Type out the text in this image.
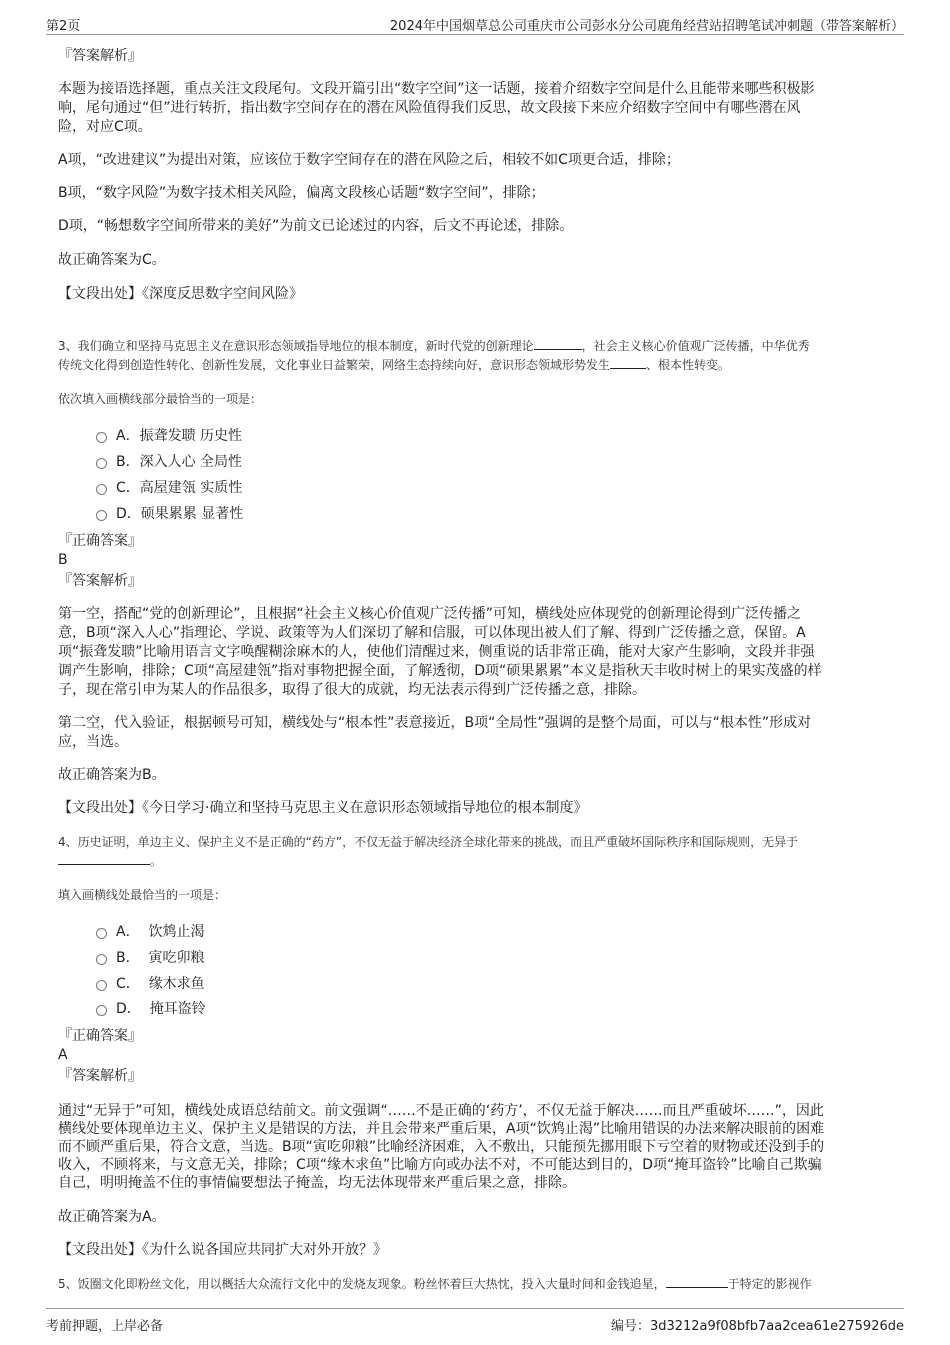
第2页	2024年中国烟草总公司重庆市公司彭水分公司鹿角经营站招聘笔试冲刺题（带答案解析）
『答案解析』
本题为接语选择题，重点关注文段尾句。文段开篇引出“数字空间”这一话题，接着介绍数字空间是什么且能带来哪些积极影
响，尾句通过“但”进行转折，指出数字空间存在的潜在风险值得我们反思，故文段接下来应介绍数字空间中有哪些潜在风
险，对应C项。
A项，“改进建议”为提出对策，应该位于数字空间存在的潜在风险之后，相较不如C项更合适，排除；
B项，“数字风险”为数字技术相关风险，偏离文段核心话题“数字空间”，排除；
D项，“畅想数字空间所带来的美好”为前文已论述过的内容，后文不再论述，排除。
故正确答案为C。
【文段出处】《深度反思数字空间风险》
3、我们确立和坚持马克思主义在意识形态领域指导地位的根本制度，新时代党的创新理论	，社会主义核心价值观广泛传播，中华优秀
传统文化得到创造性转化、创新性发展，文化事业日益繁荣，网络生态持续向好，意识形态领域形势发生	、根本性转变。
依次填入画横线部分最恰当的一项是：
A．振聋发聩 历史性
B．深入人心 全局性
C．高屋建瓴 实质性
D．硕果累累 显著性
『正确答案』
B
『答案解析』
第一空，搭配“党的创新理论”，且根据“社会主义核心价值观广泛传播”可知，横线处应体现党的创新理论得到广泛传播之
意，B项“深入人心”指理论、学说、政策等为人们深切了解和信服，可以体现出被人们了解、得到广泛传播之意，保留。A
项“振聋发聩”比喻用语言文字唤醒糊涂麻木的人，使他们清醒过来，侧重说的话非常正确，能对大家产生影响，文段并非强
调产生影响，排除；C项“高屋建瓴”指对事物把握全面，了解透彻，D项“硕果累累”本义是指秋天丰收时树上的果实茂盛的样
子，现在常引申为某人的作品很多，取得了很大的成就，均无法表示得到广泛传播之意，排除。
第二空，代入验证，根据顿号可知，横线处与“根本性”表意接近，B项“全局性”强调的是整个局面，可以与“根本性”形成对
应，当选。
故正确答案为B。
【文段出处】《今日学习·确立和坚持马克思主义在意识形态领域指导地位的根本制度》
4、历史证明，单边主义、保护主义不是正确的“药方”，不仅无益于解决经济全球化带来的挑战，而且严重破坏国际秩序和国际规则，无异于
。
填入画横线处最恰当的一项是：
A． 饮鸩止渴
B． 寅吃卯粮
C． 缘木求鱼
D． 掩耳盗铃
『正确答案』
A
『答案解析』
通过“无异于”可知，横线处成语总结前文。前文强调“……不是正确的‘药方’，不仅无益于解决……而且严重破坏……”，因此
横线处要体现单边主义、保护主义是错误的方法，并且会带来严重后果，A项“饮鸩止渴”比喻用错误的办法来解决眼前的困难
而不顾严重后果，符合文意，当选。B项“寅吃卯粮”比喻经济困难，入不敷出，只能预先挪用眼下亏空着的财物或还没到手的
收入，不顾将来，与文意无关，排除；C项“缘木求鱼”比喻方向或办法不对，不可能达到目的，D项“掩耳盗铃”比喻自己欺骗
自己，明明掩盖不住的事情偏要想法子掩盖，均无法体现带来严重后果之意，排除。
故正确答案为A。
【文段出处】《为什么说各国应共同扩大对外开放？》
5、饭圈文化即粉丝文化，用以概括大众流行文化中的发烧友现象。粉丝怀着巨大热忱，投入大量时间和金钱追星，	于特定的影视作
考前押题，上岸必备	编号：3d3212a9f08bfb7aa2cea61e275926de
